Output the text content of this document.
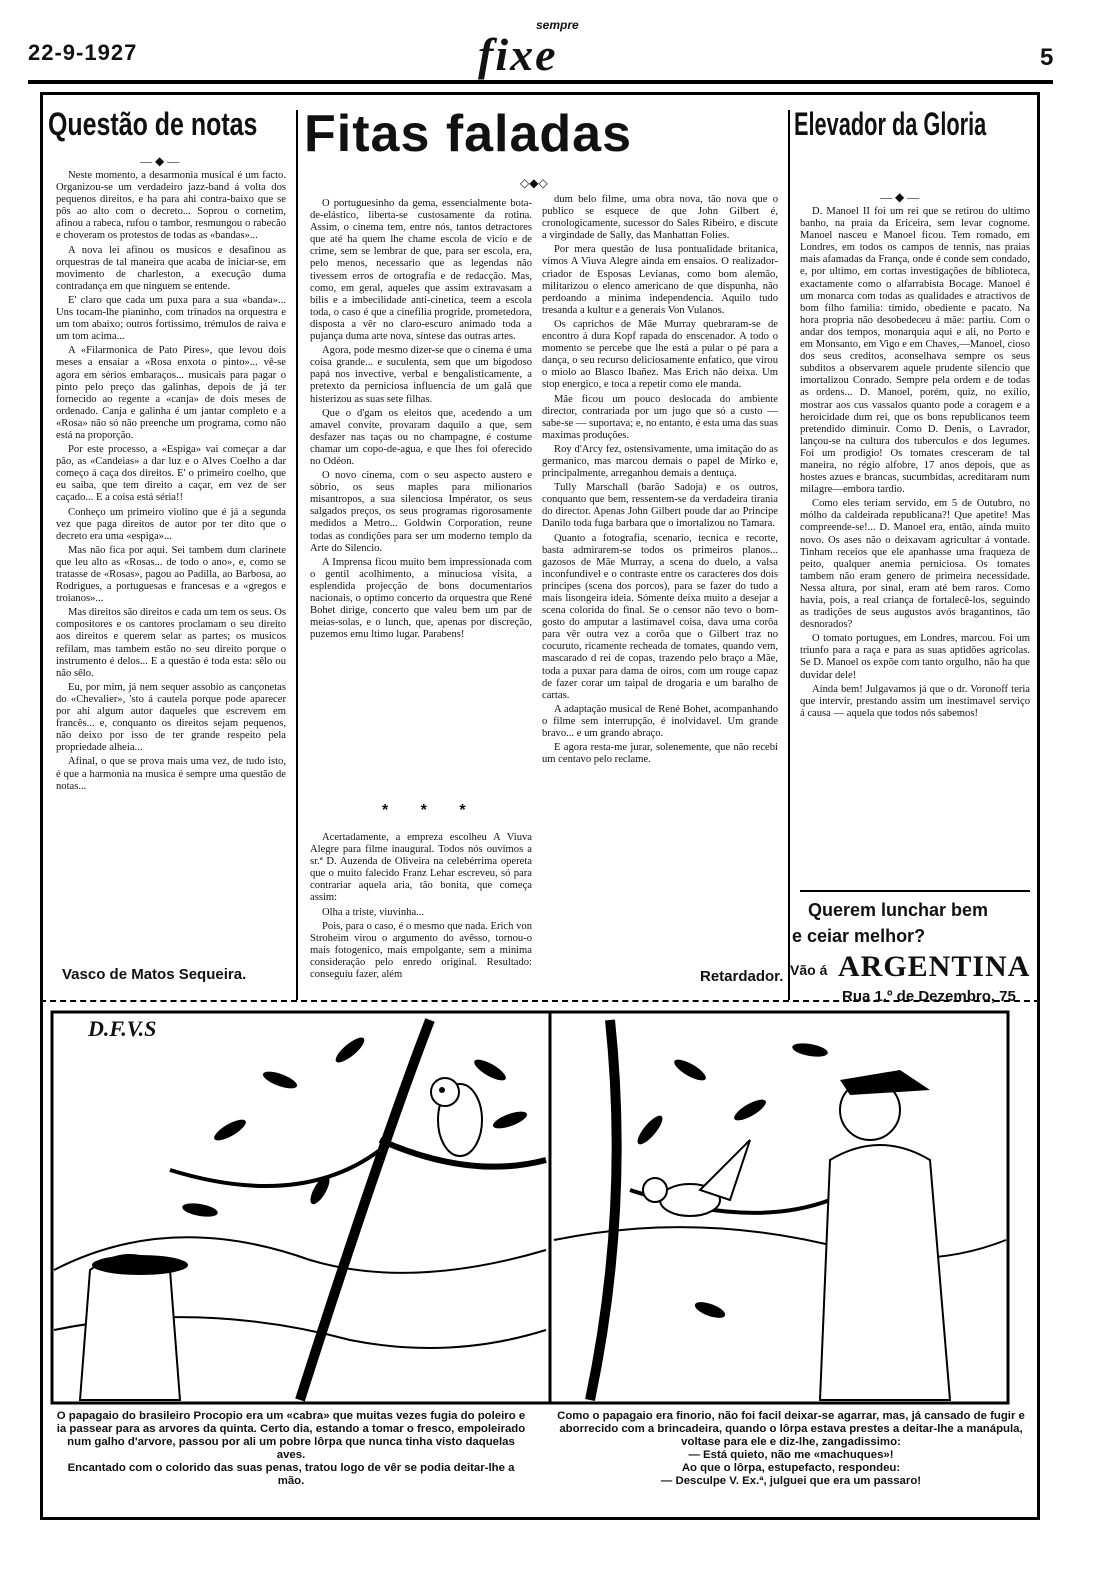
22-9-1927
sempre
fixe	5
Questão de notas
— ◆ —

Neste momento, a desarmonia musical é um facto. Organizou-se um verdadeiro jazz-band á volta dos pequenos direitos, e ha para ahi contra-baixo que se pôs ao alto com o decreto... Soprou o cornetim, afinou a rabeca, rufou o tambor, resmungou o rabecão e choveram os protestos de todas as «bandas»...

A nova lei afinou os musicos e desafinou as orquestras de tal maneira que acaba de iniciar-se, em movimento de charleston, a execução duma contradança em que ninguem se entende.

E' claro que cada um puxa para a sua «banda»... Uns tocam-lhe pianinho, com trinados na orquestra e um tom abaixo; outros fortissimo, trémulos de raiva e um tom acima...

A «Filarmonica de Pato Pires», que levou dois meses a ensaiar a «Rosa enxota o pinto»... vê-se agora em sérios embaraços... musicais para pagar o pinto pelo preço das galinhas, depois de já ter fornecido ao regente a «canja» de dois meses de ordenado. Canja e galinha é um jantar completo e a «Rosa» não só não preenche um programa, como não está na proporção.

Por este processo, a «Espiga» vai começar a dar pão, as «Candeias» a dar luz e o Alves Coelho a dar começo á caça dos direitos. E' o primeiro coelho, que eu saiba, que tem direito a caçar, em vez de ser caçado... E a coisa está séria!!

Conheço um primeiro violino que é já a segunda vez que paga direitos de autor por ter dito que o decreto era uma «espiga»...

Mas não fica por aqui. Sei tambem dum clarinete que leu alto as «Rosas... de todo o ano», e, como se tratasse de «Rosas», pagou ao Padilla, ao Barbosa, ao Rodrigues, a portuguesas e francesas e a «gregos e troianos»...

Mas direitos são direitos e cada um tem os seus. Os compositores e os cantores proclamam o seu direito aos direitos e querem selar as partes; os musicos refilam, mas tambem estão no seu direito porque o instrumento é delos... E a questão é toda esta: sêlo ou não sêlo.

Eu, por mim, já nem sequer assobio as cançonetas do «Chevalier», 'sto á cautela porque pode aparecer por ahi algum autor daqueles que escrevem em francês... e, conquanto os direitos sejam pequenos, não deixo por isso de ter grande respeito pela propriedade alheia...

Afinal, o que se prova mais uma vez, de tudo isto, é que a harmonia na musica é sempre uma questão de notas...

Vasco de Matos Sequeira.
Fitas faladas
◇◆◇

O portuguesinho da gema, essencialmente bota-de-elástico, liberta-se custosamente da rotina. Assim, o cinema tem, entre nós, tantos detractores que até ha quem lhe chame escola de vicio e de crime, sem se lembrar de que, para ser escola, era, pelo menos, necessario que as legendas não tivessem erros de ortografia e de redacção. Mas, como, em geral, aqueles que assim extravasam a bilis e a imbecilidade anti-cinetica, teem a escola toda, o caso é que a cinefilia progride, prometedora, disposta a vêr no claro-escuro animado toda a pujança duma arte nova, síntese das outras artes.

Agora, pode mesmo dizer-se que o cinema é uma coisa grande... e suculenta, sem que um bigodoso papá nos invective, verbal e bengalisticamente, a pretexto da perniciosa influencia de um galã que histerizou as suas sete filhas.

Que o d'gam os eleitos que, acedendo a um amavel convite, provaram daquilo a que, sem desfazer nas taças ou no champagne, é costume chamar um copo-de-agua, e que lhes foi oferecido no Odéon.

O novo cinema, com o seu aspecto austero e sóbrio, os seus maples para milionarios misantropos, a sua silenciosa Impérator, os seus salgados preços, os seus programas rigorosamente medidos a Metro... Goldwin Corporation, reune todas as condições para ser um moderno templo da Arte do Silencio.

A Imprensa ficou muito bem impressionada com o gentil acolhimento, a minuciosa visita, a esplendida projecção de bons documentarios nacionais, o optimo concerto da orquestra que René Bohet dirige, concerto que valeu bem um par de meias-solas, e o lunch, que, apenas por discreção, puzemos emu ltimo lugar. Parabens!

* * *

Acertadamente, a empreza escolheu A Viuva Alegre para filme inaugural. Todos nós ouvimos a sr.ª D. Auzenda de Oliveira na celebérrima opereta que o muito falecido Franz Lehar escreveu, só para contrariar aquela aria, tão bonita, que começa assim:

Olha a triste, viuvinha...

Pois, para o caso, é o mesmo que nada. Erich von Stroheim virou o argumento do avêsso, tornou-o mais fotogenico, mais empolgante, sem a minima consideração pelo enredo original. Resultado: conseguiu fazer, além

dum belo filme, uma obra nova, tão nova que o publico se esquece de que John Gilbert é, cronologicamente, sucessor do Sales Ribeiro, e discute a virgindade de Sally, das Manhattan Folies.

Por mera questão de lusa pontualidade britanica, vimos A Viuva Alegre ainda em ensaios. O realizador-criador de Esposas Levianas, como bom alemão, militarizou o elenco americano de que dispunha, não perdoando a minima independencia. Aquilo tudo tresanda a kultur e a generais Von Vulanos.

Os caprichos de Mãe Murray quebraram-se de encontro á dura Kopf rapada do enscenador. A todo o momento se percebe que lhe está a pular o pé para a dança, o seu recurso deliciosamente enfatico, que virou o miolo ao Blasco Ibañez. Mas Erich não deixa. Um stop energico, e toca a repetir como ele manda.

Mãe ficou um pouco deslocada do ambiente director, contrariada por um jugo que só a custo — sabe-se — suportava; e, no entanto, é esta uma das suas maximas produções.

Roy d'Arcy fez, ostensivamente, uma imitação do as germanico, mas marcou demais o papel de Mirko e, principalmente, arreganhou demais a dentuça.

Tully Marschall (barão Sadoja) e os outros, conquanto que bem, ressentem-se da verdadeira tirania do director. Apenas John Gilbert poude dar ao Principe Danilo toda fuga barbara que o imortalizou no Tamara.

Quanto a fotografia, scenario, tecnica e recorte, basta admirarem-se todos os primeiros planos... gazosos de Mãe Murray, a scena do duelo, a valsa inconfundivel e o contraste entre os caracteres dos dois principes (scena dos porcos), para se fazer do tudo a mais lisongeira ideia. Sómente deixa muito a desejar a scena colorida do final. Se o censor não tevo o bom-gosto do amputar a lastimavel coisa, dava uma corôa para vêr outra vez a corôa que o Gilbert traz no cocuruto, ricamente recheada de tomates, quando vem, mascarado d rei de copas, trazendo pelo braço a Mãe, toda a puxar para dama de oiros, com um rouge capaz de fazer corar um taipal de drogaria e um baralho de cartas.

A adaptação musical de René Bohet, acompanhando o filme sem interrupção, é inolvidavel. Um grande bravo... e um grando abraço.

E agora resta-me jurar, solenemente, que não recebi um centavo pelo reclame.

Retardador.
Elevador da Gloria
— ◆ —

D. Manoel II foi um rei que se retirou do ultimo banho, na praia da Ericeira, sem levar cognome. Manoel nasceu e Manoel ficou. Tem romado, em Londres, em todos os campos de tennis, nas praias mais afamadas da França, onde é conde sem condado, e, por ultimo, em cortas investigações de biblioteca, exactamente como o alfarrabista Bocage. Manoel é um monarca com todas as qualidades e atractivos de bom filho familia: timido, obediente e pacato. Na hora propria não desobedeceu á mãe: partiu. Com o andar dos tempos, monarquia aqui e ali, no Porto e em Monsanto, em Vigo e em Chaves,—Manoel, cioso dos seus creditos, aconselhava sempre os seus subditos a observarem aquele prudente silencio que imortalizou Conrado. Sempre pela ordem e de todas as ordens... D. Manoel, porém, quiz, no exilio, mostrar aos cus vassalos quanto pode a coragem e a heroicidade dum rei, que os bons republicanos teem pretendido diminuir. Como D. Denis, o Lavrador, lançou-se na cultura dos tuberculos e dos legumes. Foi um prodigio! Os tomates cresceram de tal maneira, no régio alfobre, 17 anos depois, que as hostes azues e brancas, sucumbidas, acreditaram num milagre—embora tardio.

Como eles teriam servido, em 5 de Outubro, no mólho da caldeirada republicana?! Que apetite! Mas compreende-se!... D. Manoel era, então, ainda muito novo. Os ases não o deixavam agricultar á vontade. Tinham receios que ele apanhasse uma fraqueza de peito, qualquer anemia perniciosa. Os tomates tambem não eram genero de primeira necessidade. Nessa altura, por sinal, eram até bem raros. Como havia, pois, a real criança de fortalecê-los, seguindo as tradições de seus augustos avós bragantinos, tão desnorados?

O tomato portugues, em Londres, marcou. Foi um triunfo para a raça e para as suas aptidões agricolas. Se D. Manoel os expõe com tanto orgulho, não ha que duvidar dele!

Ainda bem! Julgavamos já que o dr. Voronoff teria que intervir, prestando assim um inestimavel serviço á causa — aquela que todos nós sabemos!

Querem lunchar bem
e ceiar melhor?
Vão á ARGENTINA
Rua 1.º de Dezembro, 75
D.F.V.S
O papagaio do brasileiro Procopio era um «cabra» que muitas vezes fugia do poleiro e ia passear para as arvores da quinta. Certo dia, estando a tomar o fresco, empoleirado num galho d'arvore, passou por ali um pobre lôrpa que nunca tinha visto daquelas aves.
Encantado com o colorido das suas penas, tratou logo de vêr se podia deitar-lhe a mão.
Como o papagaio era finorio, não foi facil deixar-se agarrar, mas, já cansado de fugir e aborrecido com a brincadeira, quando o lôrpa estava prestes a deitar-lhe a manápula, voltase para ele e diz-lhe, zangadissimo:
— Está quieto, não me «machuques»!
Ao que o lôrpa, estupefacto, respondeu:
— Desculpe V. Ex.ª, julguei que era um passaro!
